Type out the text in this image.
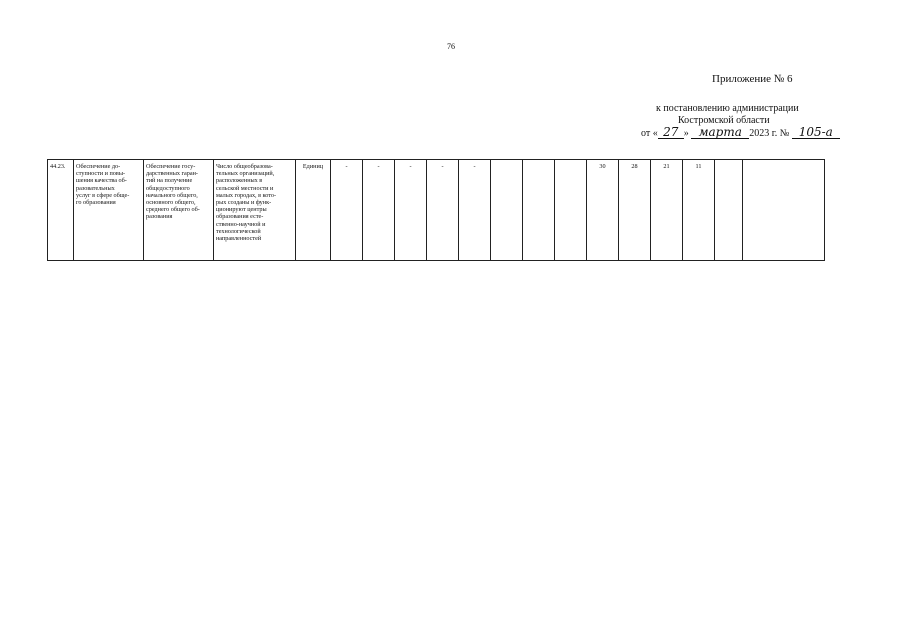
76
Приложение № 6
к постановлению администрации
Костромской области
от « 27 » марта 2023 г. № 105-а
44.23.	Обеспечение до-
ступности и повы-
шения качества об-
разовательных
услуг в сфере обще-
го образования	Обеспечение госу-
дарственных гаран-
тий на получение
общедоступного
начального общего,
основного общего,
среднего общего об-
разования	Число общеобразова-
тельных организаций,
расположенных в
сельской местности и
малых городах, в кото-
рых созданы и функ-
ционируют центры
образования есте-
ственно-научной и
технологической
направленностей	Единиц	-	-	-	-	-				30	28	21	11		
